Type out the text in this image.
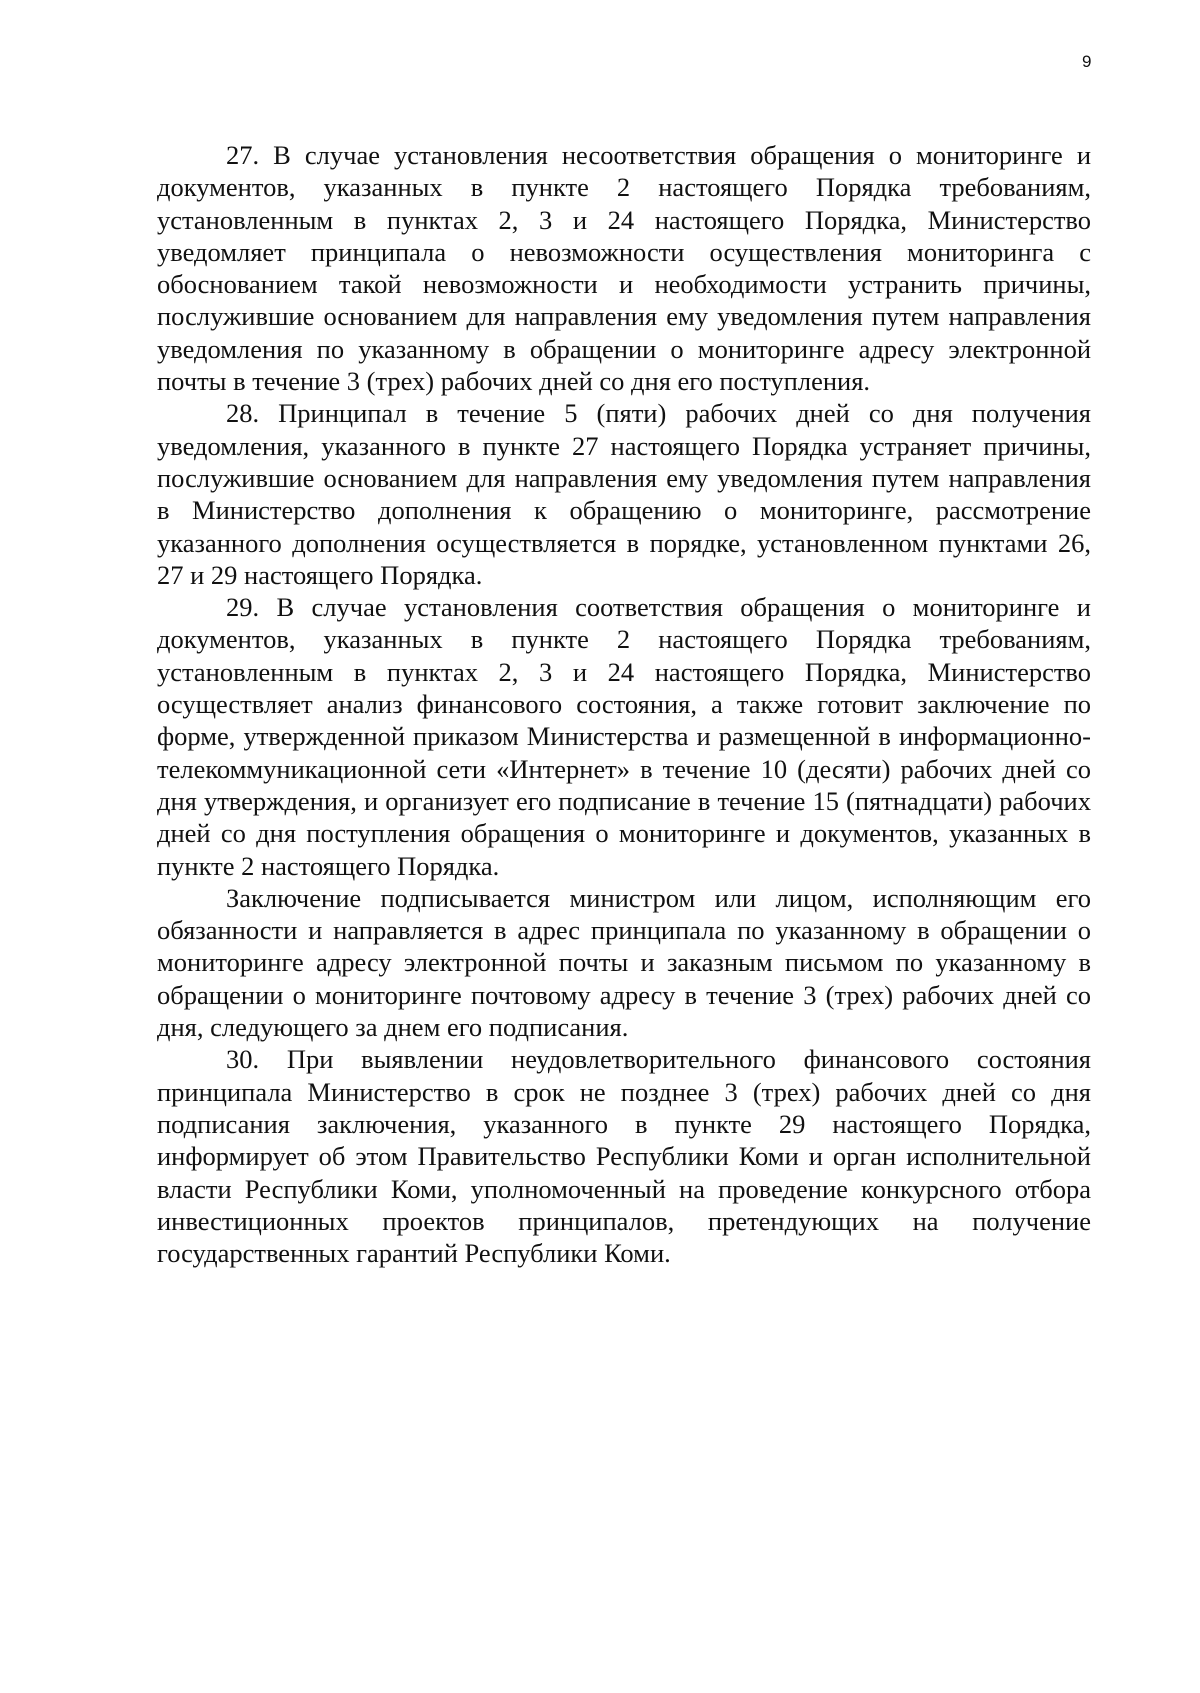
9

27. В случае установления несоответствия обращения о мониторинге и документов, указанных в пункте 2 настоящего Порядка требованиям, установленным в пунктах 2, 3 и 24 настоящего Порядка, Министерство уведомляет принципала о невозможности осуществления мониторинга с обоснованием такой невозможности и необходимости устранить причины, послужившие основанием для направления ему уведомления путем направления уведомления по указанному в обращении о мониторинге адресу электронной почты в течение 3 (трех) рабочих дней со дня его поступления.

28. Принципал в течение 5 (пяти) рабочих дней со дня получения уведомления, указанного в пункте 27 настоящего Порядка устраняет причины, послужившие основанием для направления ему уведомления путем направления в Министерство дополнения к обращению о мониторинге, рассмотрение указанного дополнения осуществляется в порядке, установленном пунктами 26, 27 и 29 настоящего Порядка.

29. В случае установления соответствия обращения о мониторинге и документов, указанных в пункте 2 настоящего Порядка требованиям, установленным в пунктах 2, 3 и 24 настоящего Порядка, Министерство осуществляет анализ финансового состояния, а также готовит заключение по форме, утвержденной приказом Министерства и размещенной в информационно-телекоммуникационной сети «Интернет» в течение 10 (десяти) рабочих дней со дня утверждения, и организует его подписание в течение 15 (пятнадцати) рабочих дней со дня поступления обращения о мониторинге и документов, указанных в пункте 2 настоящего Порядка.

Заключение подписывается министром или лицом, исполняющим его обязанности и направляется в адрес принципала по указанному в обращении о мониторинге адресу электронной почты и заказным письмом по указанному в обращении о мониторинге почтовому адресу в течение 3 (трех) рабочих дней со дня, следующего за днем его подписания.

30. При выявлении неудовлетворительного финансового состояния принципала Министерство в срок не позднее 3 (трех) рабочих дней со дня подписания заключения, указанного в пункте 29 настоящего Порядка, информирует об этом Правительство Республики Коми и орган исполнительной власти Республики Коми, уполномоченный на проведение конкурсного отбора инвестиционных проектов принципалов, претендующих на получение государственных гарантий Республики Коми.
